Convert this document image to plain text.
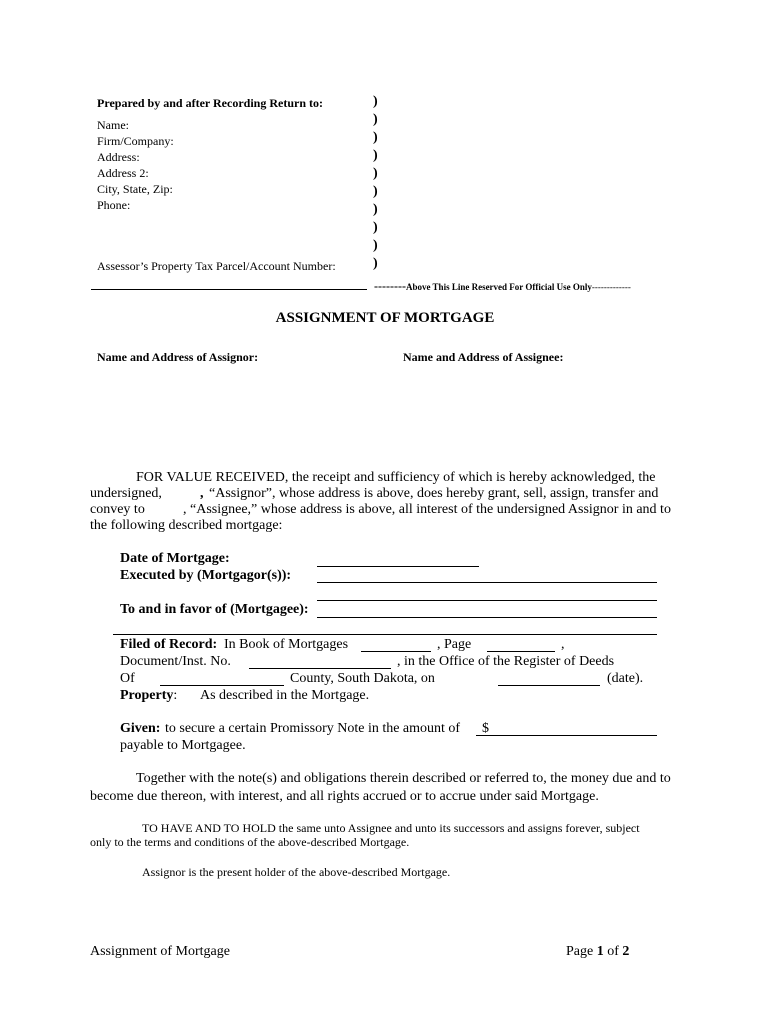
Prepared by and after Recording Return to:
Name:
Firm/Company:
Address:
Address 2:
City, State, Zip:
Phone:
Assessor’s Property Tax Parcel/Account Number:
)
)
)
)
)
)
)
)
)
)
--------Above This Line Reserved For Official Use Only-------------
ASSIGNMENT OF MORTGAGE
Name and Address of Assignor:	Name and Address of Assignee:
FOR VALUE RECEIVED, the receipt and sufficiency of which is hereby acknowledged, the
undersigned,	, “Assignor”, whose address is above, does hereby grant, sell, assign, transfer and
convey to	, “Assignee,” whose address is above, all interest of the undersigned Assignor in and to
the following described mortgage:
Date of Mortgage:
Executed by (Mortgagor(s)):
To and in favor of (Mortgagee):
Filed of Record: In Book of Mortgages	, Page	,
Document/Inst. No.	, in the Office of the Register of Deeds
Of	County, South Dakota, on	(date).
Property: As described in the Mortgage.
Given: to secure a certain Promissory Note in the amount of $
payable to Mortgagee.
Together with the note(s) and obligations therein described or referred to, the money due and to
become due thereon, with interest, and all rights accrued or to accrue under said Mortgage.
TO HAVE AND TO HOLD the same unto Assignee and unto its successors and assigns forever, subject
only to the terms and conditions of the above-described Mortgage.
Assignor is the present holder of the above-described Mortgage.
Assignment of Mortgage	Page 1 of 2
